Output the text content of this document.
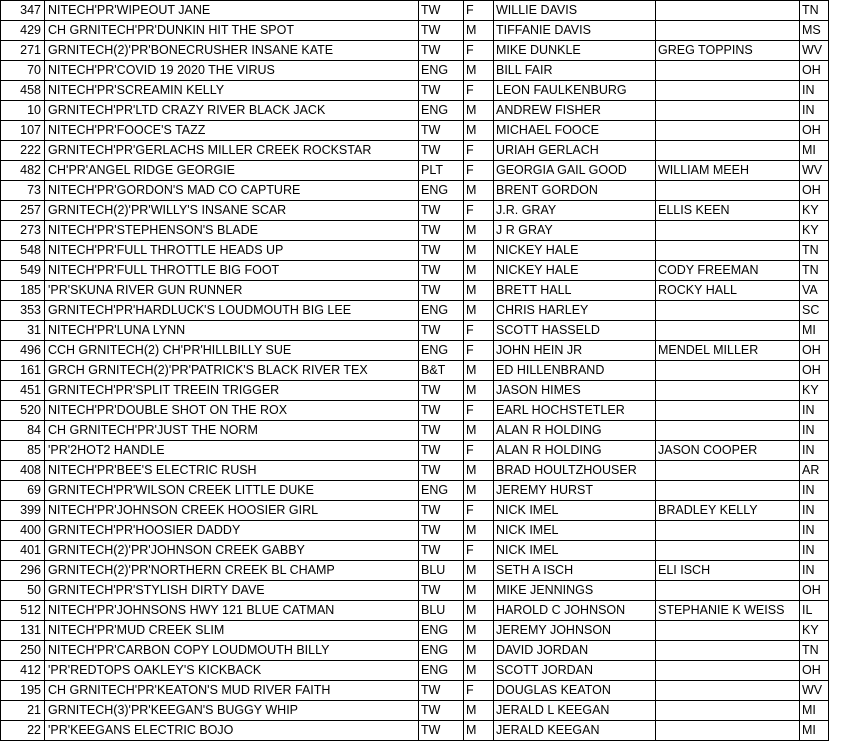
347	NITECH'PR'WIPEOUT JANE	TW	F	WILLIE DAVIS		TN
429	CH GRNITECH'PR'DUNKIN HIT THE SPOT	TW	M	TIFFANIE DAVIS		MS
271	GRNITECH(2)'PR'BONECRUSHER INSANE KATE	TW	F	MIKE DUNKLE	GREG TOPPINS	WV
70	NITECH'PR'COVID 19 2020 THE VIRUS	ENG	M	BILL FAIR		OH
458	NITECH'PR'SCREAMIN KELLY	TW	F	LEON FAULKENBURG		IN
10	GRNITECH'PR'LTD CRAZY RIVER BLACK JACK	ENG	M	ANDREW FISHER		IN
107	NITECH'PR'FOOCE'S TAZZ	TW	M	MICHAEL FOOCE		OH
222	GRNITECH'PR'GERLACHS MILLER CREEK ROCKSTAR	TW	F	URIAH GERLACH		MI
482	CH'PR'ANGEL RIDGE GEORGIE	PLT	F	GEORGIA GAIL GOOD	WILLIAM MEEH	WV
73	NITECH'PR'GORDON'S MAD CO CAPTURE	ENG	M	BRENT GORDON		OH
257	GRNITECH(2)'PR'WILLY'S INSANE SCAR	TW	F	J.R. GRAY	ELLIS KEEN	KY
273	NITECH'PR'STEPHENSON'S BLADE	TW	M	J R GRAY		KY
548	NITECH'PR'FULL THROTTLE HEADS UP	TW	M	NICKEY HALE		TN
549	NITECH'PR'FULL THROTTLE BIG FOOT	TW	M	NICKEY HALE	CODY FREEMAN	TN
185	'PR'SKUNA RIVER GUN RUNNER	TW	M	BRETT HALL	ROCKY HALL	VA
353	GRNITECH'PR'HARDLUCK'S LOUDMOUTH BIG LEE	ENG	M	CHRIS HARLEY		SC
31	NITECH'PR'LUNA LYNN	TW	F	SCOTT HASSELD		MI
496	CCH GRNITECH(2) CH'PR'HILLBILLY SUE	ENG	F	JOHN HEIN JR	MENDEL MILLER	OH
161	GRCH GRNITECH(2)'PR'PATRICK'S BLACK RIVER TEX	B&T	M	ED HILLENBRAND		OH
451	GRNITECH'PR'SPLIT TREEIN TRIGGER	TW	M	JASON HIMES		KY
520	NITECH'PR'DOUBLE SHOT ON THE ROX	TW	F	EARL HOCHSTETLER		IN
84	CH GRNITECH'PR'JUST THE NORM	TW	M	ALAN R HOLDING		IN
85	'PR'2HOT2 HANDLE	TW	F	ALAN R HOLDING	JASON COOPER	IN
408	NITECH'PR'BEE'S ELECTRIC RUSH	TW	M	BRAD HOULTZHOUSER		AR
69	GRNITECH'PR'WILSON CREEK LITTLE DUKE	ENG	M	JEREMY HURST		IN
399	NITECH'PR'JOHNSON CREEK HOOSIER GIRL	TW	F	NICK IMEL	BRADLEY KELLY	IN
400	GRNITECH'PR'HOOSIER DADDY	TW	M	NICK IMEL		IN
401	GRNITECH(2)'PR'JOHNSON CREEK GABBY	TW	F	NICK IMEL		IN
296	GRNITECH(2)'PR'NORTHERN CREEK BL CHAMP	BLU	M	SETH A ISCH	ELI ISCH	IN
50	GRNITECH'PR'STYLISH DIRTY DAVE	TW	M	MIKE JENNINGS		OH
512	NITECH'PR'JOHNSONS HWY 121 BLUE CATMAN	BLU	M	HAROLD C JOHNSON	STEPHANIE K WEISS	IL
131	NITECH'PR'MUD CREEK SLIM	ENG	M	JEREMY JOHNSON		KY
250	NITECH'PR'CARBON COPY LOUDMOUTH BILLY	ENG	M	DAVID JORDAN		TN
412	'PR'REDTOPS OAKLEY'S KICKBACK	ENG	M	SCOTT JORDAN		OH
195	CH GRNITECH'PR'KEATON'S MUD RIVER FAITH	TW	F	DOUGLAS KEATON		WV
21	GRNITECH(3)'PR'KEEGAN'S BUGGY WHIP	TW	M	JERALD L KEEGAN		MI
22	'PR'KEEGANS ELECTRIC BOJO	TW	M	JERALD KEEGAN		MI
